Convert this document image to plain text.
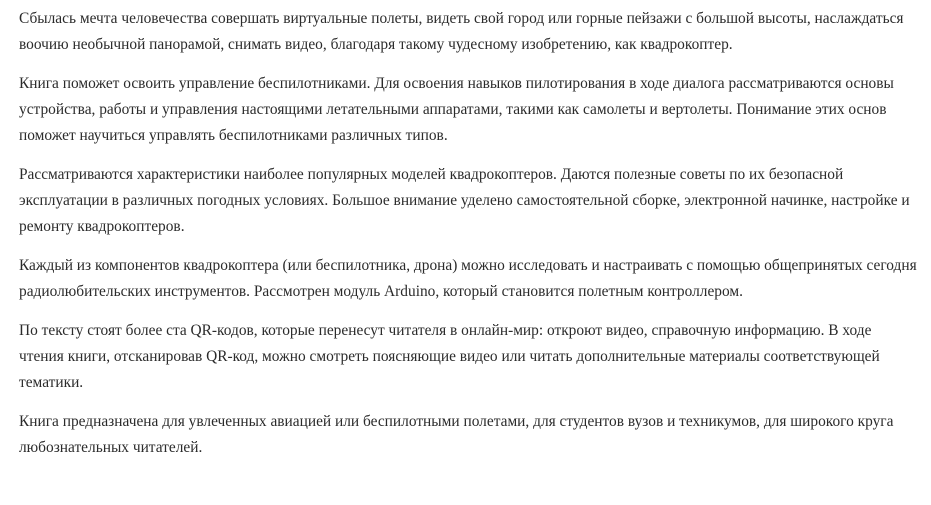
Сбылась мечта человечества совершать виртуальные полеты, видеть свой город или горные пейзажи с большой высоты, наслаждаться воочию необычной панорамой, снимать видео, благодаря такому чудесному изобретению, как квадрокоптер.

Книга поможет освоить управление беспилотниками. Для освоения навыков пилотирования в ходе диалога рассматриваются основы устройства, работы и управления настоящими летательными аппаратами, такими как самолеты и вертолеты. Понимание этих основ поможет научиться управлять беспилотниками различных типов.

Рассматриваются характеристики наиболее популярных моделей квадрокоптеров. Даются полезные советы по их безопасной эксплуатации в различных погодных условиях. Большое внимание уделено самостоятельной сборке, электронной начинке, настройке и ремонту квадрокоптеров.

Каждый из компонентов квадрокоптера (или беспилотника, дрона) можно исследовать и настраивать с помощью общепринятых сегодня радиолюбительских инструментов. Рассмотрен модуль Arduino, который становится полетным контроллером.

По тексту стоят более ста QR-кодов, которые перенесут читателя в онлайн-мир: откроют видео, справочную информацию. В ходе чтения книги, отсканировав QR-код, можно смотреть поясняющие видео или читать дополнительные материалы соответствующей тематики.

Книга предназначена для увлеченных авиацией или беспилотными полетами, для студентов вузов и техникумов, для широкого круга любознательных читателей.
